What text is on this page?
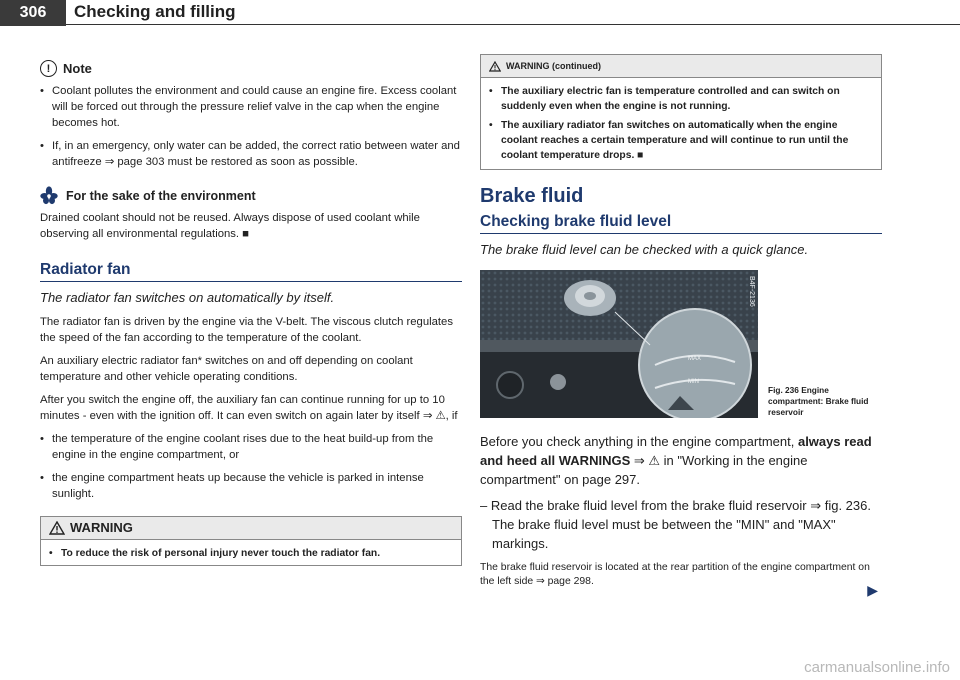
306	Checking and filling
! Note

• Coolant pollutes the environment and could cause an engine fire. Excess coolant will be forced out through the pressure relief valve in the cap when the engine becomes hot.

• If, in an emergency, only water can be added, the correct ratio between water and antifreeze ⇒ page 303 must be restored as soon as possible.

For the sake of the environment

Drained coolant should not be reused. Always dispose of used coolant while observing all environmental regulations. ■

Radiator fan

The radiator fan switches on automatically by itself.

The radiator fan is driven by the engine via the V-belt. The viscous clutch regulates the speed of the fan according to the temperature of the coolant.

An auxiliary electric radiator fan* switches on and off depending on coolant temperature and other vehicle operating conditions.

After you switch the engine off, the auxiliary fan can continue running for up to 10 minutes - even with the ignition off. It can even switch on again later by itself ⇒ ⚠, if

• the temperature of the engine coolant rises due to the heat build-up from the engine in the engine compartment, or

• the engine compartment heats up because the vehicle is parked in intense sunlight.

WARNING
• To reduce the risk of personal injury never touch the radiator fan.
WARNING (continued)

• The auxiliary electric fan is temperature controlled and can switch on suddenly even when the engine is not running.

• The auxiliary radiator fan switches on automatically when the engine coolant reaches a certain temperature and will continue to run until the coolant temperature drops. ■

Brake fluid
Checking brake fluid level

The brake fluid level can be checked with a quick glance.

MAX
MIN
B4F-2136
Fig. 236 Engine compartment: Brake fluid reservoir

Before you check anything in the engine compartment, always read and heed all WARNINGS ⇒ ⚠ in "Working in the engine compartment" on page 297.

– Read the brake fluid level from the brake fluid reservoir ⇒ fig. 236. The brake fluid level must be between the "MIN" and "MAX" markings.

The brake fluid reservoir is located at the rear partition of the engine compartment on the left side ⇒ page 298.

▶
carmanualsonline.info
